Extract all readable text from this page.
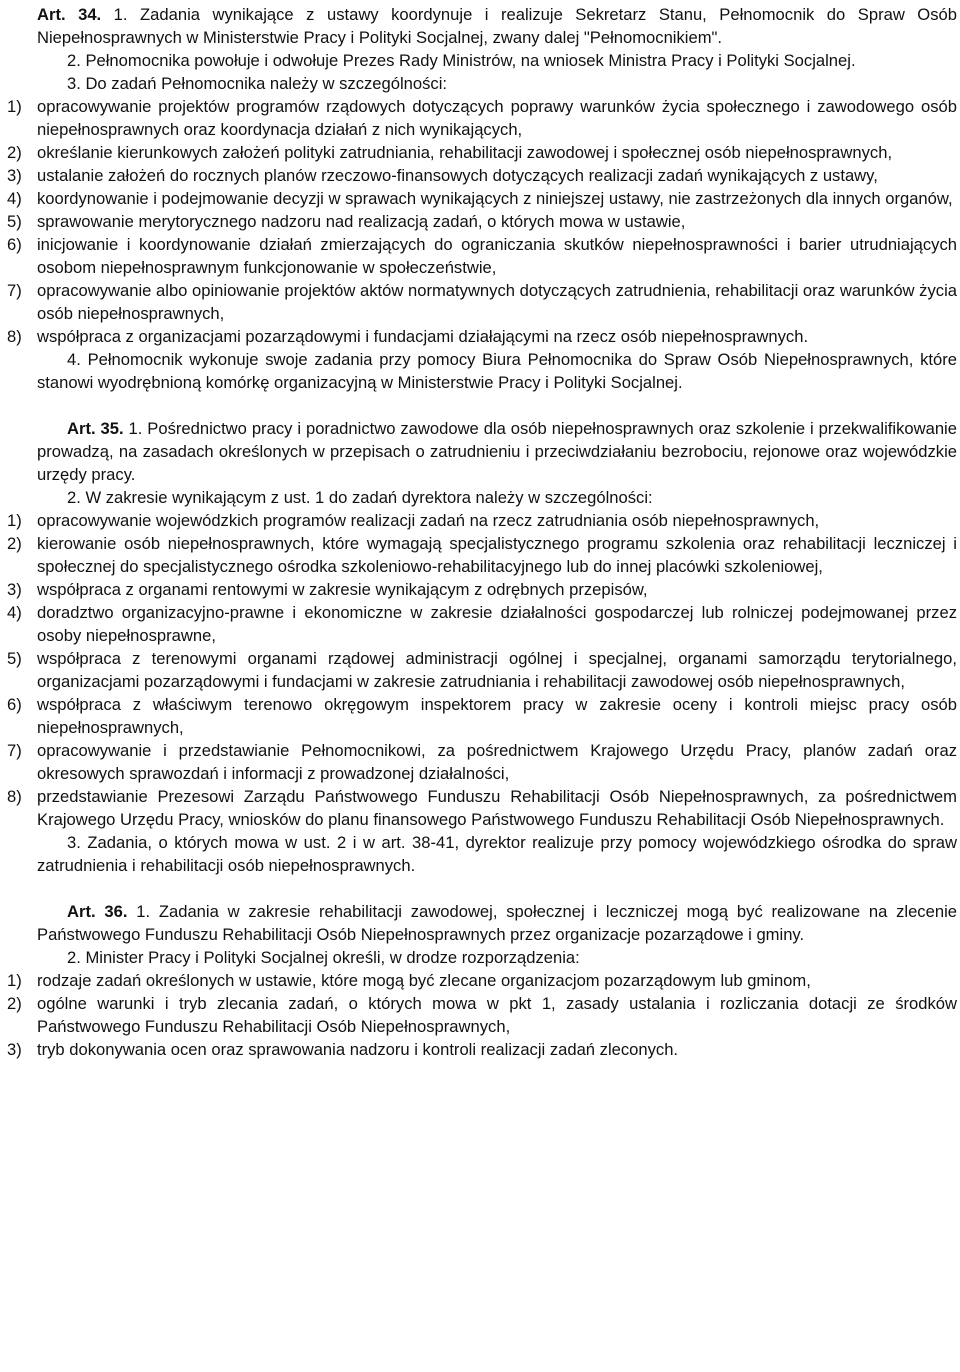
Art. 34. 1. Zadania wynikające z ustawy koordynuje i realizuje Sekretarz Stanu, Pełnomocnik do Spraw Osób Niepełnosprawnych w Ministerstwie Pracy i Polityki Socjalnej, zwany dalej "Pełnomocnikiem".

2. Pełnomocnika powołuje i odwołuje Prezes Rady Ministrów, na wniosek Ministra Pracy i Polityki Socjalnej.

3. Do zadań Pełnomocnika należy w szczególności:

1) opracowywanie projektów programów rządowych dotyczących poprawy warunków życia społecznego i zawodowego osób niepełnosprawnych oraz koordynacja działań z nich wynikających,
2) określanie kierunkowych założeń polityki zatrudniania, rehabilitacji zawodowej i społecznej osób niepełnosprawnych,
3) ustalanie założeń do rocznych planów rzeczowo-finansowych dotyczących realizacji zadań wynikających z ustawy,
4) koordynowanie i podejmowanie decyzji w sprawach wynikających z niniejszej ustawy, nie zastrzeżonych dla innych organów,
5) sprawowanie merytorycznego nadzoru nad realizacją zadań, o których mowa w ustawie,
6) inicjowanie i koordynowanie działań zmierzających do ograniczania skutków niepełnosprawności i barier utrudniających osobom niepełnosprawnym funkcjonowanie w społeczeństwie,
7) opracowywanie albo opiniowanie projektów aktów normatywnych dotyczących zatrudnienia, rehabilitacji oraz warunków życia osób niepełnosprawnych,
8) współpraca z organizacjami pozarządowymi i fundacjami działającymi na rzecz osób niepełnosprawnych.

4. Pełnomocnik wykonuje swoje zadania przy pomocy Biura Pełnomocnika do Spraw Osób Niepełnosprawnych, które stanowi wyodrębnioną komórkę organizacyjną w Ministerstwie Pracy i Polityki Socjalnej.

Art. 35. 1. Pośrednictwo pracy i poradnictwo zawodowe dla osób niepełnosprawnych oraz szkolenie i przekwalifikowanie prowadzą, na zasadach określonych w przepisach o zatrudnieniu i przeciwdziałaniu bezrobociu, rejonowe oraz wojewódzkie urzędy pracy.

2. W zakresie wynikającym z ust. 1 do zadań dyrektora należy w szczególności:

1) opracowywanie wojewódzkich programów realizacji zadań na rzecz zatrudniania osób niepełnosprawnych,
2) kierowanie osób niepełnosprawnych, które wymagają specjalistycznego programu szkolenia oraz rehabilitacji leczniczej i społecznej do specjalistycznego ośrodka szkoleniowo-rehabilitacyjnego lub do innej placówki szkoleniowej,
3) współpraca z organami rentowymi w zakresie wynikającym z odrębnych przepisów,
4) doradztwo organizacyjno-prawne i ekonomiczne w zakresie działalności gospodarczej lub rolniczej podejmowanej przez osoby niepełnosprawne,
5) współpraca z terenowymi organami rządowej administracji ogólnej i specjalnej, organami samorządu terytorialnego, organizacjami pozarządowymi i fundacjami w zakresie zatrudniania i rehabilitacji zawodowej osób niepełnosprawnych,
6) współpraca z właściwym terenowo okręgowym inspektorem pracy w zakresie oceny i kontroli miejsc pracy osób niepełnosprawnych,
7) opracowywanie i przedstawianie Pełnomocnikowi, za pośrednictwem Krajowego Urzędu Pracy, planów zadań oraz okresowych sprawozdań i informacji z prowadzonej działalności,
8) przedstawianie Prezesowi Zarządu Państwowego Funduszu Rehabilitacji Osób Niepełnosprawnych, za pośrednictwem Krajowego Urzędu Pracy, wniosków do planu finansowego Państwowego Funduszu Rehabilitacji Osób Niepełnosprawnych.

3. Zadania, o których mowa w ust. 2 i w art. 38-41, dyrektor realizuje przy pomocy wojewódzkiego ośrodka do spraw zatrudnienia i rehabilitacji osób niepełnosprawnych.

Art. 36. 1. Zadania w zakresie rehabilitacji zawodowej, społecznej i leczniczej mogą być realizowane na zlecenie Państwowego Funduszu Rehabilitacji Osób Niepełnosprawnych przez organizacje pozarządowe i gminy.

2. Minister Pracy i Polityki Socjalnej określi, w drodze rozporządzenia:

1) rodzaje zadań określonych w ustawie, które mogą być zlecane organizacjom pozarządowym lub gminom,
2) ogólne warunki i tryb zlecania zadań, o których mowa w pkt 1, zasady ustalania i rozliczania dotacji ze środków Państwowego Funduszu Rehabilitacji Osób Niepełnosprawnych,
3) tryb dokonywania ocen oraz sprawowania nadzoru i kontroli realizacji zadań zleconych.
